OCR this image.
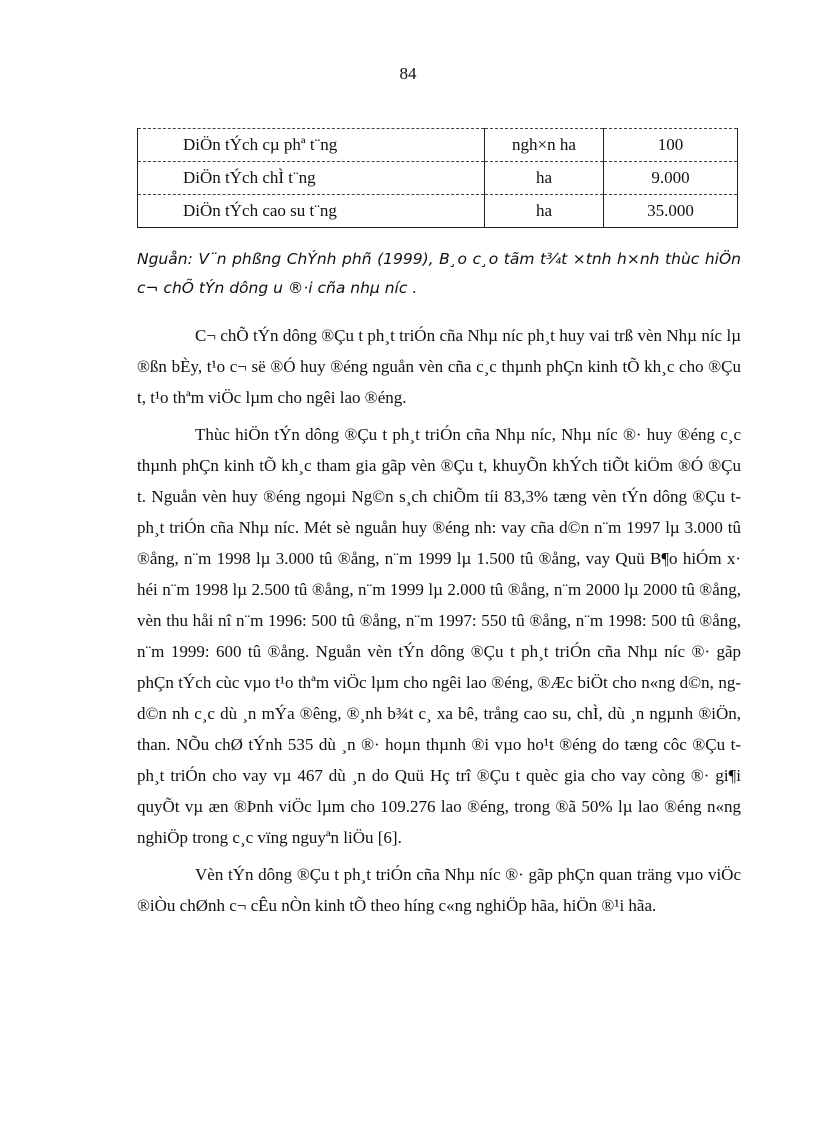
84
DiÖn tÝch cµ phª t¨ng	ngh×n ha	100
DiÖn tÝch chÌ t¨ng	ha	9.000
DiÖn tÝch cao su t¨ng	ha	35.000
Nguån: V¨n phßng ChÝnh phñ (1999), B¸o c¸o tãm t¾t ×tnh h×nh thùc hiÖn c¬ chÕ tÝn dông u ®·i cña nhµ níc .

C¬ chÕ tÝn dông ®Çu t ph¸t triÓn cña Nhµ níc ph¸t huy vai trß vèn Nhµ níc lµ ®ßn bÈy, t¹o c¬ së ®Ó huy ®éng nguån vèn cña c¸c thµnh phÇn kinh tÕ kh¸c cho ®Çu t, t¹o thªm viÖc lµm cho ngêi lao ®éng.

Thùc hiÖn tÝn dông ®Çu t ph¸t triÓn cña Nhµ níc, Nhµ níc ®· huy ®éng c¸c thµnh phÇn kinh tÕ kh¸c tham gia gãp vèn ®Çu t, khuyÕn khÝch tiÕt kiÖm ®Ó ®Çu t. Nguån vèn huy ®éng ngoµi Ng©n s¸ch chiÕm tíi 83,3% tæng vèn tÝn dông ®Çu t ph¸t triÓn cña Nhµ níc. Mét sè nguån huy ®éng nh: vay cña d©n n¨m 1997 lµ 3.000 tû ®ång, n¨m 1998 lµ 3.000 tû ®ång, n¨m 1999 lµ 1.500 tû ®ång, vay Quü B¶o hiÓm x· héi n¨m 1998 lµ 2.500 tû ®ång, n¨m 1999 lµ 2.000 tû ®ång, n¨m 2000 lµ 2000 tû ®ång, vèn thu håi nî n¨m 1996: 500 tû ®ång, n¨m 1997: 550 tû ®ång, n¨m 1998: 500 tû ®ång, n¨m 1999: 600 tû ®ång. Nguån vèn tÝn dông ®Çu t ph¸t triÓn cña Nhµ níc ®· gãp phÇn tÝch cùc vµo t¹o thªm viÖc lµm cho ngêi lao ®éng, ®Æc biÖt cho n«ng d©n, ng d©n nh c¸c dù ¸n mÝa ®êng, ®¸nh b¾t c¸ xa bê, trång cao su, chÌ, dù ¸n ngµnh ®iÖn, than. NÕu chØ tÝnh 535 dù ¸n ®· hoµn thµnh ®i vµo ho¹t ®éng do tæng côc ®Çu t ph¸t triÓn cho vay vµ 467 dù ¸n do Quü Hç trî ®Çu t quèc gia cho vay còng ®· gi¶i quyÕt vµ æn ®Þnh viÖc lµm cho 109.276 lao ®éng, trong ®ã 50% lµ lao ®éng n«ng nghiÖp trong c¸c vïng nguyªn liÖu [6].

Vèn tÝn dông ®Çu t ph¸t triÓn cña Nhµ níc ®· gãp phÇn quan träng vµo viÖc ®iÒu chØnh c¬ cÊu nÒn kinh tÕ theo híng c«ng nghiÖp hãa, hiÖn ®¹i hãa.
